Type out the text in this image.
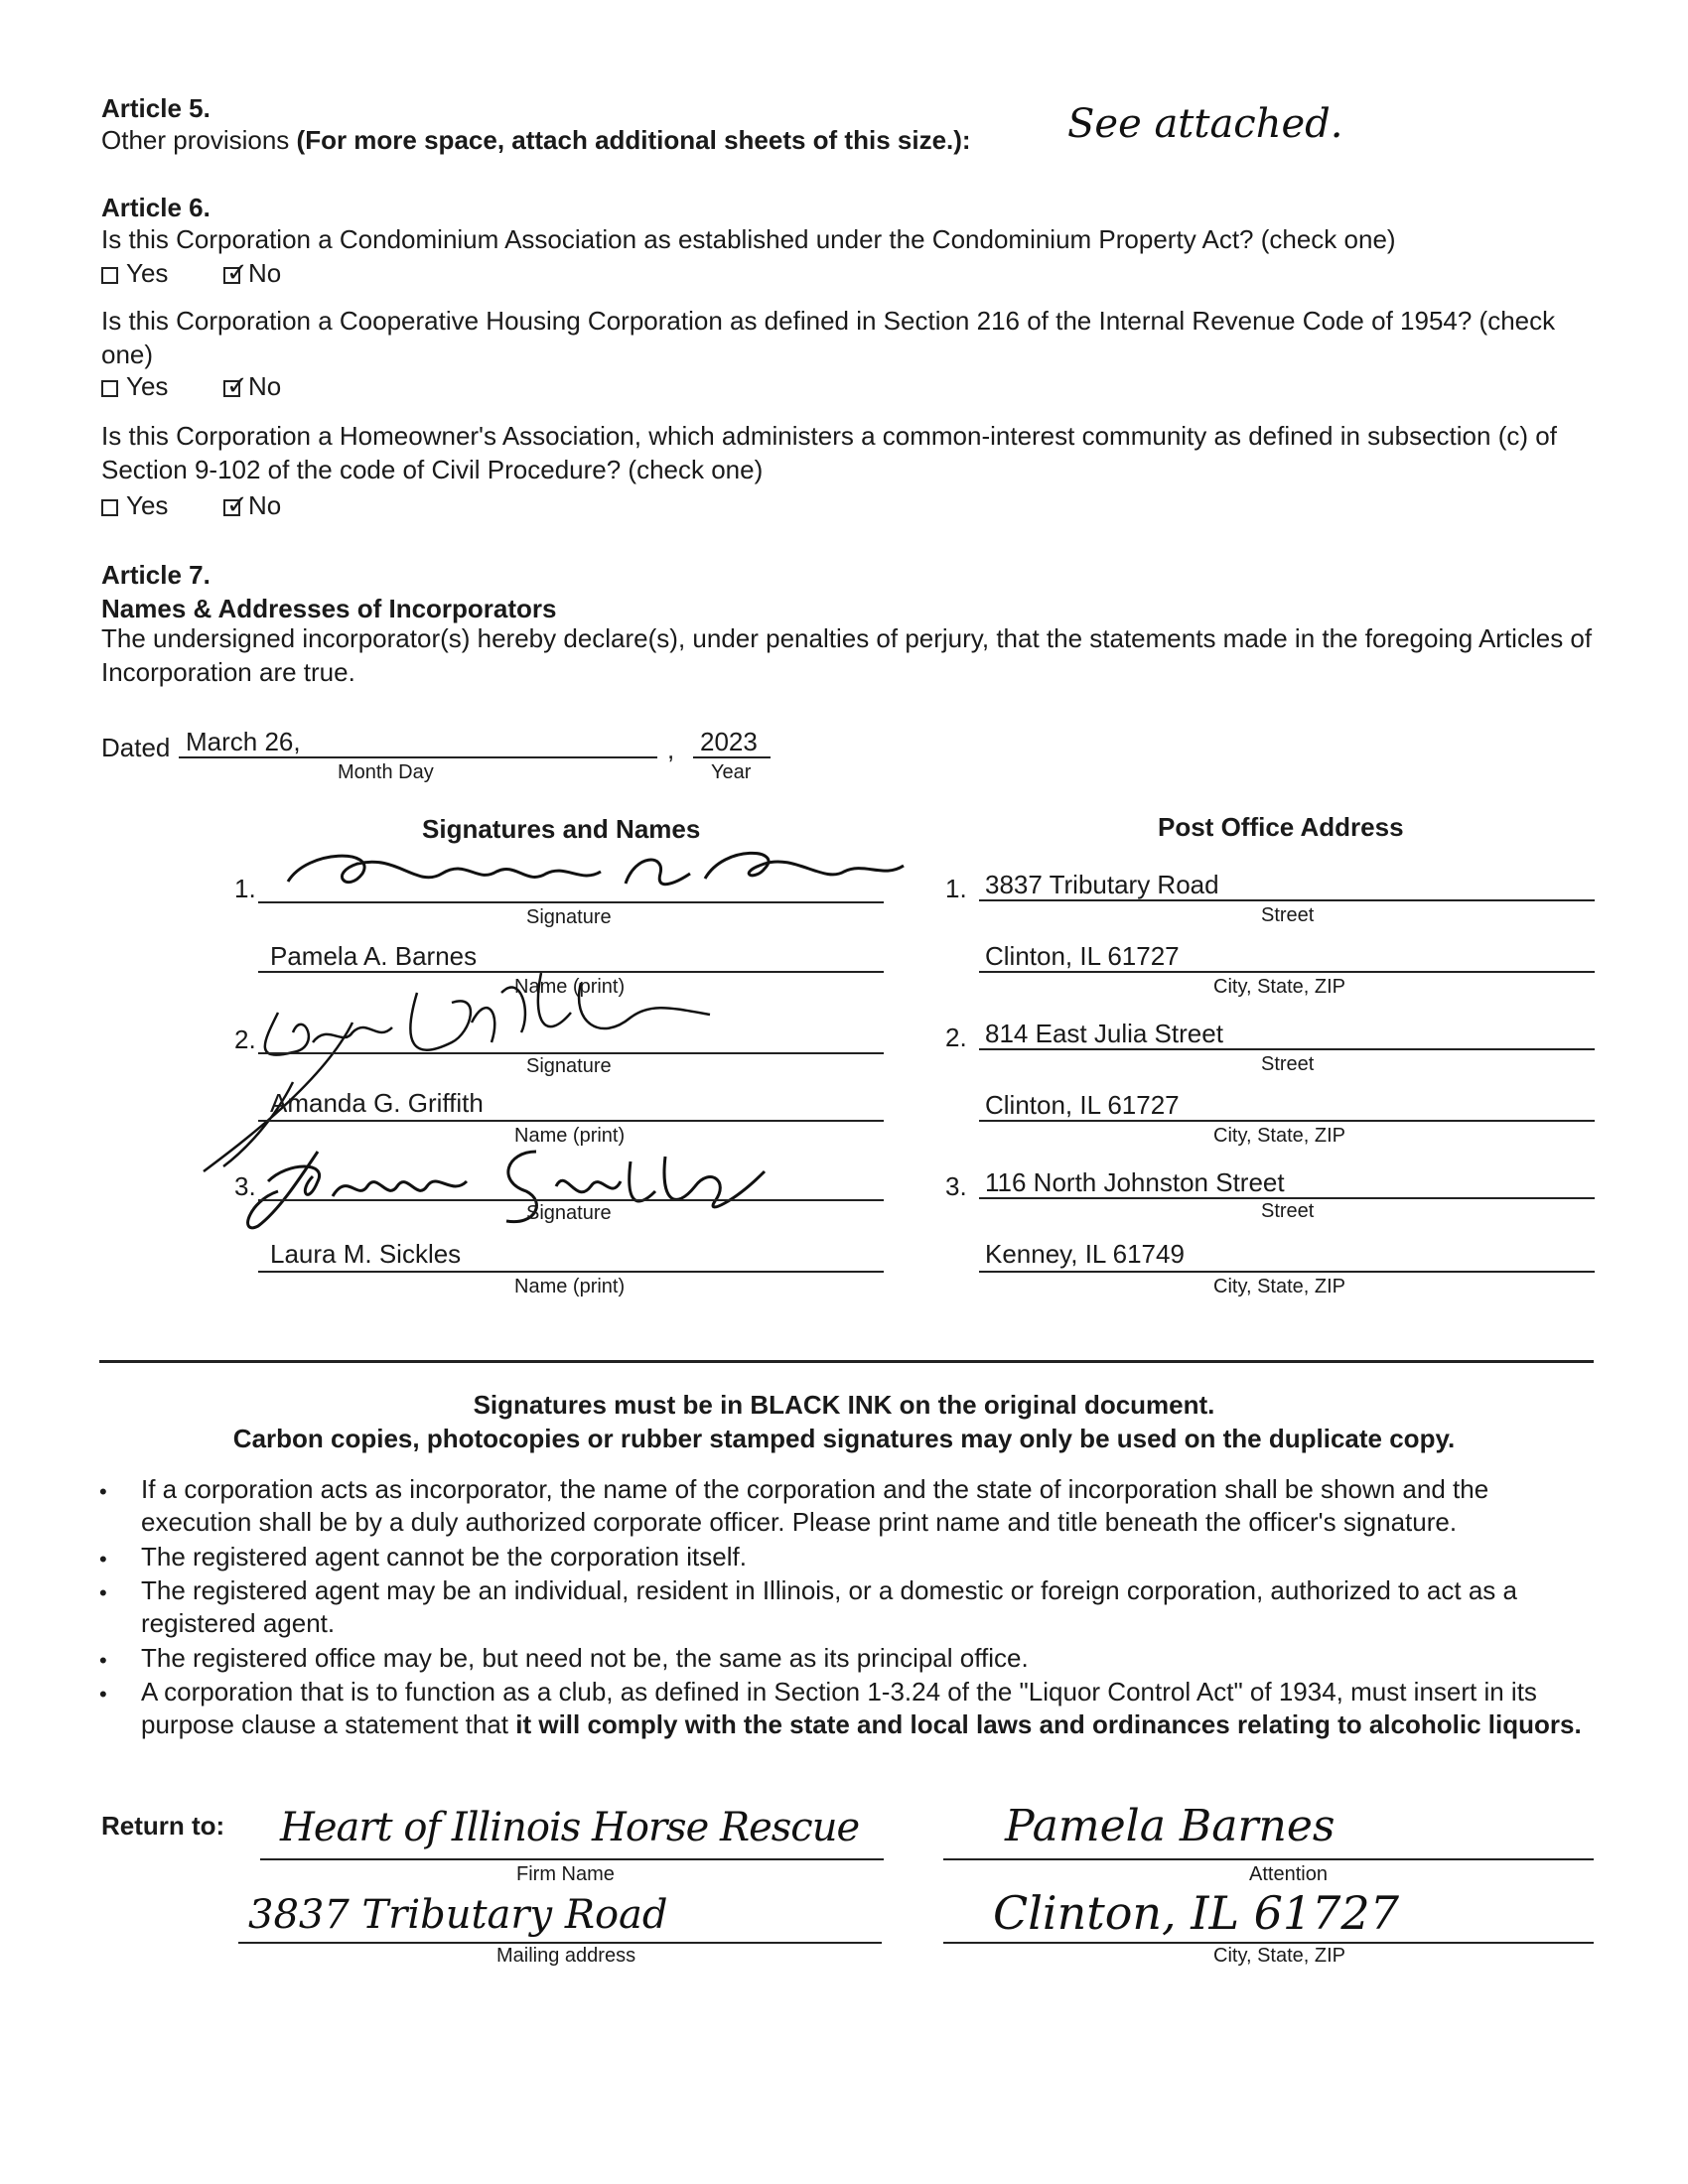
Article 5.
Other provisions (For more space, attach additional sheets of this size.): See attached.
Article 6.
Is this Corporation a Condominium Association as established under the Condominium Property Act? (check one)
Yes ✓ No
Is this Corporation a Cooperative Housing Corporation as defined in Section 216 of the Internal Revenue Code of 1954? (check one)
Yes ✓ No
Is this Corporation a Homeowner's Association, which administers a common-interest community as defined in subsection (c) of Section 9-102 of the code of Civil Procedure? (check one)
Yes ✓ No
Article 7.
Names & Addresses of Incorporators
The undersigned incorporator(s) hereby declare(s), under penalties of perjury, that the statements made in the foregoing Articles of Incorporation are true.
Dated March 26,	, 2023
Month Day	Year
Signatures and Names	Post Office Address
1.
Signature
Pamela A. Barnes
Name (print)
1. 3837 Tributary Road
Street
Clinton, IL 61727
City, State, ZIP
2.
Signature
Amanda G. Griffith
Name (print)
2. 814 East Julia Street
Street
Clinton, IL 61727
City, State, ZIP
3.
Signature
Laura M. Sickles
Name (print)
3. 116 North Johnston Street
Street
Kenney, IL 61749
City, State, ZIP
Signatures must be in BLACK INK on the original document.
Carbon copies, photocopies or rubber stamped signatures may only be used on the duplicate copy.
• If a corporation acts as incorporator, the name of the corporation and the state of incorporation shall be shown and the execution shall be by a duly authorized corporate officer. Please print name and title beneath the officer's signature.
• The registered agent cannot be the corporation itself.
• The registered agent may be an individual, resident in Illinois, or a domestic or foreign corporation, authorized to act as a registered agent.
• The registered office may be, but need not be, the same as its principal office.
• A corporation that is to function as a club, as defined in Section 1-3.24 of the "Liquor Control Act" of 1934, must insert in its purpose clause a statement that it will comply with the state and local laws and ordinances relating to alcoholic liquors.
Return to: Heart of Illinois Horse Rescue
Firm Name
Pamela Barnes
Attention
3837 Tributary Road
Mailing address
Clinton, IL 61727
City, State, ZIP
